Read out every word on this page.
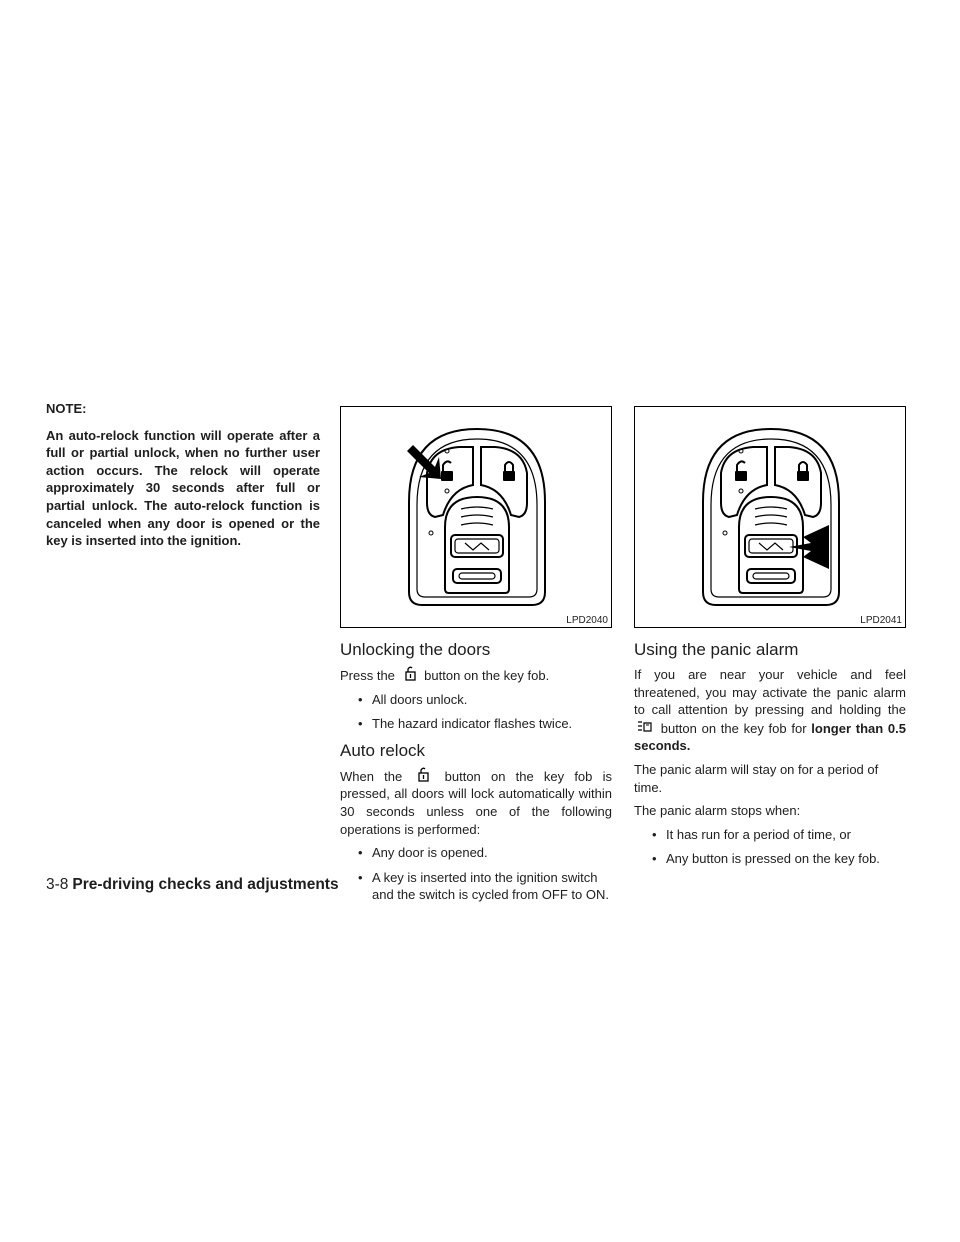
NOTE:

An auto-relock function will operate after a full or partial unlock, when no further user action occurs. The relock will operate approximately 30 seconds after full or partial unlock. The auto-relock function is canceled when any door is opened or the key is inserted into the ignition.

LPD2040
Unlocking the doors

Press the button on the key fob.

• All doors unlock.
• The hazard indicator flashes twice.
Auto relock

When the	button on the key fob is pressed, all doors will lock automatically within 30 seconds unless one of the following operations is performed:

• Any door is opened.
• A key is inserted into the ignition switch and the switch is cycled from OFF to ON.
LPD2041
Using the panic alarm

If you are near your vehicle and feel threatened, you may activate the panic alarm to call attention by pressing and holding the  button on the key fob for longer than 0.5 seconds.

The panic alarm will stay on for a period of time.

The panic alarm stops when:

• It has run for a period of time, or
• Any button is pressed on the key fob.
3-8 Pre-driving checks and adjustments
